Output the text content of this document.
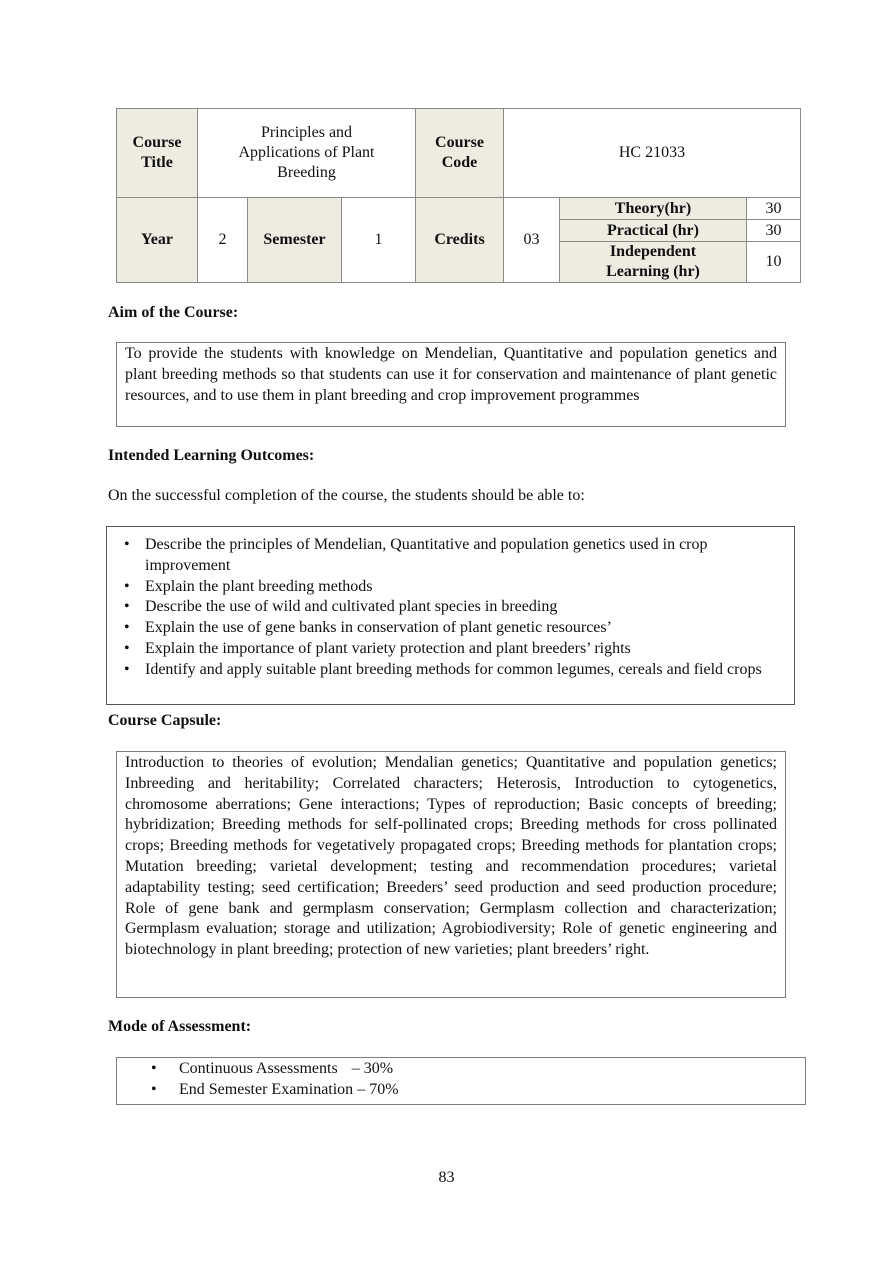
Course Title	Principles and Applications of Plant Breeding			Course Code	HC 21033		
Year	2	Semester	1	Credits	03	Theory(hr)	30
						Practical (hr)	30
						Independent Learning (hr)	10
Aim of the Course:
To provide the students with knowledge on Mendelian, Quantitative and population genetics and plant breeding methods so that students can use it for conservation and maintenance of plant genetic resources, and to use them in plant breeding and crop improvement programmes
Intended Learning Outcomes:
On the successful completion of the course, the students should be able to:
• Describe the principles of Mendelian, Quantitative and population genetics used in crop improvement
• Explain the plant breeding methods
• Describe the use of wild and cultivated plant species in breeding
• Explain the use of gene banks in conservation of plant genetic resources’
• Explain the importance of plant variety protection and plant breeders’ rights
• Identify and apply suitable plant breeding methods for common legumes, cereals and field crops
Course Capsule:
Introduction to theories of evolution; Mendalian genetics; Quantitative and population genetics; Inbreeding and heritability; Correlated characters; Heterosis, Introduction to cytogenetics, chromosome aberrations; Gene interactions; Types of reproduction; Basic concepts of breeding; hybridization; Breeding methods for self-pollinated crops; Breeding methods for cross pollinated crops; Breeding methods for vegetatively propagated crops; Breeding methods for plantation crops; Mutation breeding; varietal development; testing and recommendation procedures; varietal adaptability testing; seed certification; Breeders’ seed production and seed production procedure; Role of gene bank and germplasm conservation; Germplasm collection and characterization; Germplasm evaluation; storage and utilization; Agrobiodiversity; Role of genetic engineering and biotechnology in plant breeding; protection of new varieties; plant breeders’ right.
Mode of Assessment:
• Continuous Assessments – 30%
• End Semester Examination – 70%
83
